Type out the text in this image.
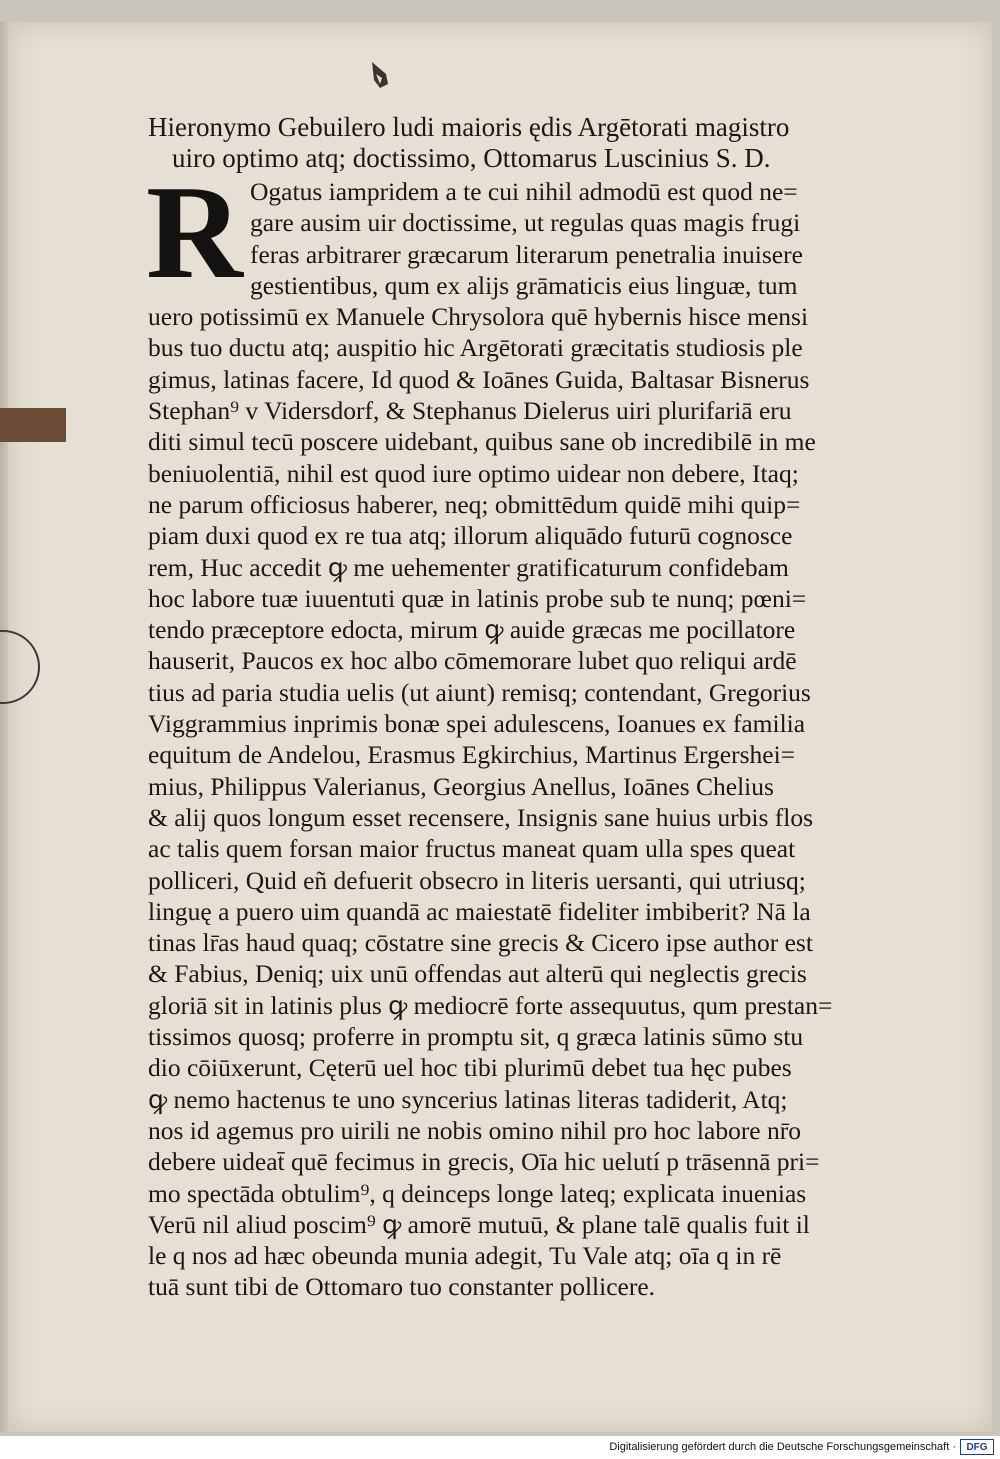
Hieronymo Gebuilero ludi maioris ędis Argētorati magistro
uiro optimo atq; doctissimo, Ottomarus Luscinius S. D.
R Ogatus iampridem a te cui nihil admodū est quod ne=
gare ausim uir doctissime, ut regulas quas magis frugi
feras arbitrarer græcarum literarum penetralia inuisere
gestientibus, qum ex aliјs grāmaticis eius linguæ, tum
uero potissimū ex Manuele Chrysolora quē hybernis hisce mensi
bus tuo ductu atq; auspitio hic Argētorati græcitatis studiosis ple
gimus, latinas facere, Id quod & Ioānes Guida, Baltasar Bisnerus
Stephan⁹ v Vidersdorf, & Stephanus Dielerus uiri plurifariā eru
diti simul tecū poscere uidebant, quibus sane ob incredibilē in me
beniuolentiā, nihil est quod iure optimo uidear non debere, Itaq;
ne parum officiosus haberer, neq; obmittēdum quidē mihi quip=
piam duxi quod ex re tua atq; illorum aliquādo futurū cognosce
rem, Huc accedit ꝙ me uehementer gratificaturum confidebam
hoc labore tuæ iuuentuti quæ in latinis probe sub te nunq; pœni=
tendo præceptore edocta, mirum ꝙ auide græcas me pocillatore
hauserit, Paucos ex hoc albo cōmemorare lubet quo reliqui ardē
tius ad paria studia uelis (ut aiunt) remisq; contendant, Gregorius
Viggrammius inprimis bonæ spei adulescens, Ioanues ex familia
equitum de Andelou, Erasmus Egkirchius, Martinus Ergershei=
mius, Philippus Valerianus, Georgius Anellus, Ioānes Chelius
& aliј quos longum esset recensere, Insignis sane huius urbis flos
ac talis quem forsan maior fructus maneat quam ulla spes queat
polliceri, Quid eñ defuerit obsecro in literis uersanti, qui utriusq;
linguę a puero uim quandā ac maiestatē fideliter imbiberit? Nā la
tinas lr̄as haud quaq; cōstatre sine grecis & Cicero ipse author est
& Fabius, Deniq; uix unū offendas aut alterū qui neglectis grecis
gloriā sit in latinis plus ꝙ mediocrē forte assequutus, qum prestan=
tissimos quosq; proferre in promptu sit, q græca latinis sūmo stu
dio cōiūxerunt, Cęterū uel hoc tibi plurimū debet tua hęc pubes
ꝙ nemo hactenus te uno syncerius latinas literas tadiderit, Atq;
nos id agemus pro uirili ne nobis omino nihil pro hoc labore nr̄o
debere uideat̄ quē fecimus in grecis, Oīa hic uelutí p trāsennā pri=
mo spectāda obtulim⁹, q deinceps longe lateq; explicata inuenias
Verū nil aliud poscim⁹ ꝙ amorē mutuū, & plane talē qualis fuit il
le q nos ad hæc obeunda munia adegit, Tu Vale atq; oīa q in rē
tuā sunt tibi de Ottomaro tuo constanter pollicere.
Digitalisierung gefördert durch die Deutsche Forschungsgemeinschaft ·	DFG
